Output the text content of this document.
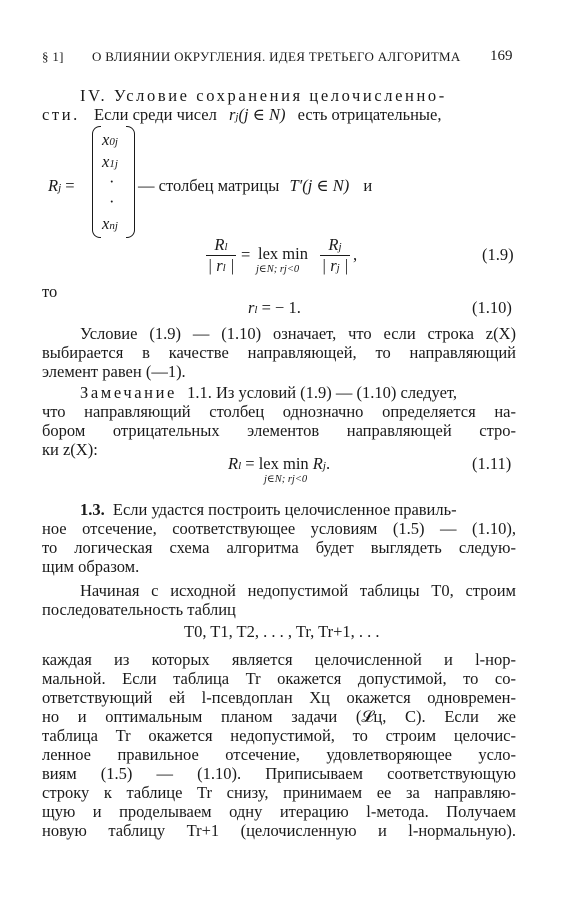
§ 1] О ВЛИЯНИИ ОКРУГЛЕНИЯ. ИДЕЯ ТРЕТЬЕГО АЛГОРИТМА 169
IV. Условие сохранения целочисленно-
сти. Если среди чисел rj(j ∈ N) есть отрицательные,
Rj =
x0j
x1j
·
·
xnj
— столбец матрицы T′(j ∈ N) и
Rl
| rl |
= lex min
j∈N; rj<0
Rj
| rj |
,	(1.9)
то
rl = − 1.	(1.10)
Условие (1.9) — (1.10) означает, что если строка z(X)
выбирается в качестве направляющей, то направляющий
элемент равен (—1).
Замечание 1.1. Из условий (1.9) — (1.10) следует,
что направляющий столбец однозначно определяется на-
бором отрицательных элементов направляющей стро-
ки z(X):
Rl = lex min Rj.
j∈N; rj<0
(1.11)
1.3. Если удастся построить целочисленное правиль-
ное отсечение, соответствующее условиям (1.5) — (1.10),
то логическая схема алгоритма будет выглядеть следую-
щим образом.
Начиная с исходной недопустимой таблицы T0, строим
последовательность таблиц
T0, T1, T2, . . . , Tr, Tr+1, . . .
каждая из которых является целочисленной и l-нор-
мальной. Если таблица Tr окажется допустимой, то со-
ответствующий ей l-псевдоплан Xц окажется одновремен-
но и оптимальным планом задачи (𝓛ц, C). Если же
таблица Tr окажется недопустимой, то строим целочис-
ленное правильное отсечение, удовлетворяющее усло-
виям (1.5) — (1.10). Приписываем соответствующую
строку к таблице Tr снизу, принимаем ее за направляю-
щую и проделываем одну итерацию l-метода. Получаем
новую таблицу Tr+1 (целочисленную и l-нормальную).
